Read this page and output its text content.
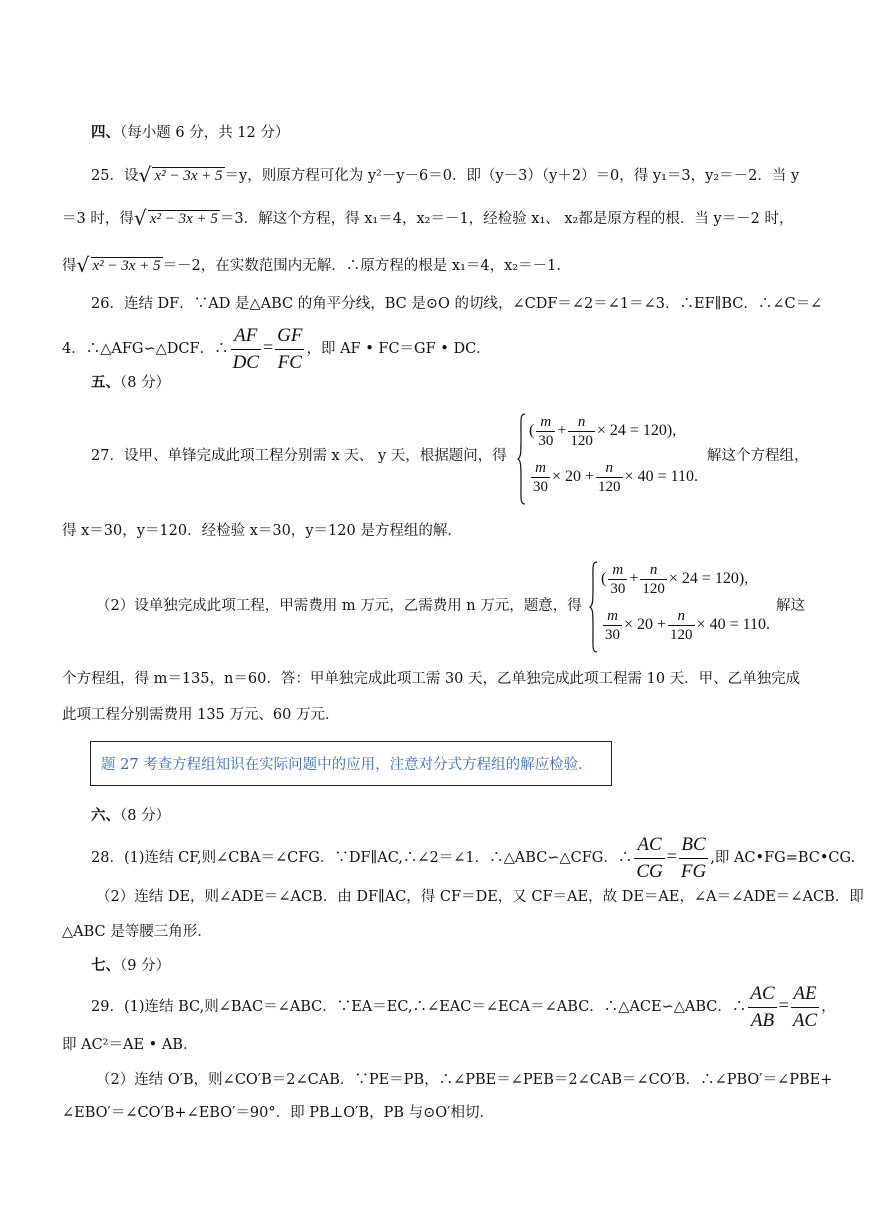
四、（每小题 6 分，共 12 分）
25．设 √ x² − 3x + 5 ＝y，则原方程可化为 y²－y－6＝0．即（y－3）（y＋2）＝0，得 y₁＝3，y₂＝－2．当 y
＝3 时，得 √ x² − 3x + 5 ＝3．解这个方程，得 x₁＝4，x₂＝－1，经检验 x₁、 x₂都是原方程的根．当 y＝－2 时，
得 √ x² − 3x + 5 ＝－2，在实数范围内无解．∴原方程的根是 x₁＝4，x₂＝－1．
26．连结 DF．∵AD 是△ABC 的角平分线，BC 是⊙O 的切线，∠CDF＝∠2＝∠1＝∠3．∴EF∥BC．∴∠C＝∠
4．∴△AFG∽△DCF．∴ $\frac{AF}{DC} = \frac{GF}{FC}$ ，即 AF • FC＝GF • DC．
五、（8 分）
27．设甲、单锋完成此项工程分别需 x 天、 y 天，根据题问，得
( $\frac{m}{30} + \frac{n}{120} \times 24 = 120$),
$\frac{m}{30} \times 20 + \frac{n}{120} \times 40 = 110$.
解这个方程组，
得 x＝30，y＝120．经检验 x＝30，y＝120 是方程组的解．
（2）设单独完成此项工程，甲需费用 m 万元，乙需费用 n 万元，题意，得
( $\frac{m}{30} + \frac{n}{120} \times 24 = 120$),
$\frac{m}{30} \times 20 + \frac{n}{120} \times 40 = 110$.
解这
个方程组，得 m＝135，n＝60．答：甲单独完成此项工需 30 天，乙单独完成此项工程需 10 天．甲、乙单独完成
此项工程分别需费用 135 万元、60 万元．
题 27 考查方程组知识在实际问题中的应用，注意对分式方程组的解应检验．
六、（8 分）
28．(1)连结 CF,则∠CBA＝∠CFG．∵DF∥AC,∴∠2＝∠1．∴△ABC∽△CFG．∴ $\frac{AC}{CG} = \frac{BC}{FG}$ ,即 AC•FG=BC•CG.
（2）连结 DE，则∠ADE＝∠ACB．由 DF∥AC，得 CF＝DE，又 CF＝AE，故 DE＝AE，∠A＝∠ADE＝∠ACB．即
△ABC 是等腰三角形．
七、（9 分）
29．(1)连结 BC,则∠BAC＝∠ABC．∵EA＝EC,∴∠EAC＝∠ECA＝∠ABC．∴△ACE∽△ABC．∴ $\frac{AC}{AB} = \frac{AE}{AC}$ ，
即 AC²＝AE • AB．
（2）连结 O′B，则∠CO′B＝2∠CAB．∵PE＝PB，∴∠PBE＝∠PEB＝2∠CAB＝∠CO′B．∴∠PBO′＝∠PBE+
∠EBO′＝∠CO′B+∠EBO′＝90°．即 PB⊥O′B，PB 与⊙O′相切．
